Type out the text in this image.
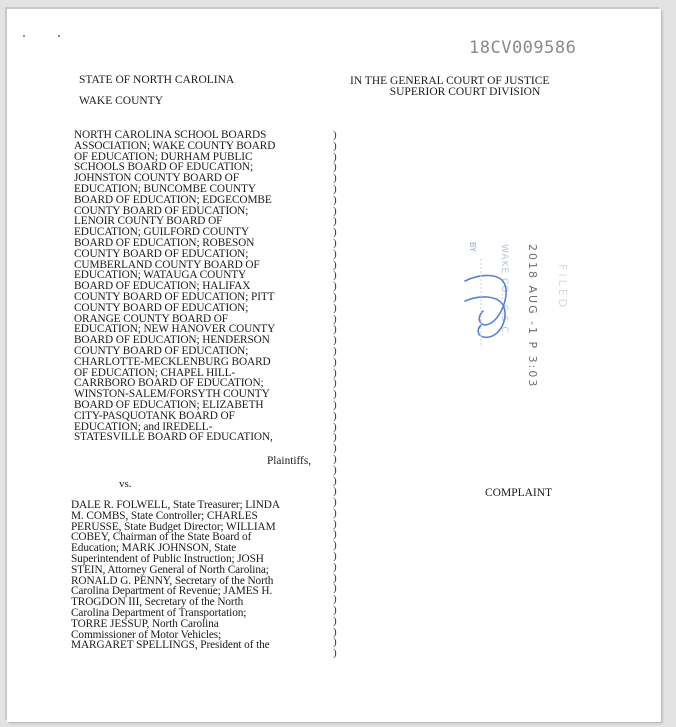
18CV009586
STATE OF NORTH CAROLINA
WAKE COUNTY
IN THE GENERAL COURT OF JUSTICE
SUPERIOR COURT DIVISION
NORTH CAROLINA SCHOOL BOARDS
ASSOCIATION; WAKE COUNTY BOARD
OF EDUCATION; DURHAM PUBLIC
SCHOOLS BOARD OF EDUCATION;
JOHNSTON COUNTY BOARD OF
EDUCATION; BUNCOMBE COUNTY
BOARD OF EDUCATION; EDGECOMBE
COUNTY BOARD OF EDUCATION;
LENOIR COUNTY BOARD OF
EDUCATION; GUILFORD COUNTY
BOARD OF EDUCATION; ROBESON
COUNTY BOARD OF EDUCATION;
CUMBERLAND COUNTY BOARD OF
EDUCATION; WATAUGA COUNTY
BOARD OF EDUCATION; HALIFAX
COUNTY BOARD OF EDUCATION; PITT
COUNTY BOARD OF EDUCATION;
ORANGE COUNTY BOARD OF
EDUCATION; NEW HANOVER COUNTY
BOARD OF EDUCATION; HENDERSON
COUNTY BOARD OF EDUCATION;
CHARLOTTE-MECKLENBURG BOARD
OF EDUCATION; CHAPEL HILL-
CARRBORO BOARD OF EDUCATION;
WINSTON-SALEM/FORSYTH COUNTY
BOARD OF EDUCATION; ELIZABETH
CITY-PASQUOTANK BOARD OF
EDUCATION; and IREDELL-
STATESVILLE BOARD OF EDUCATION,
Plaintiffs,
vs.
DALE R. FOLWELL, State Treasurer; LINDA
M. COMBS, State Controller; CHARLES
PERUSSE, State Budget Director; WILLIAM
COBEY, Chairman of the State Board of
Education; MARK JOHNSON, State
Superintendent of Public Instruction; JOSH
STEIN, Attorney General of North Carolina;
RONALD G. PENNY, Secretary of the North
Carolina Department of Revenue; JAMES H.
TROGDON III, Secretary of the North
Carolina Department of Transportation;
TORRE JESSUP, North Carolina
Commissioner of Motor Vehicles;
MARGARET SPELLINGS, President of the
)
)
)
)
)
)
)
)
)
)
)
)
)
)
)
)
)
)
)
)
)
)
)
)
)
)
)
)
)
)
)
)
)
)
)
)
)
)
)
)
)
)
)
)
)
)
)
)
)
COMPLAINT
BY WAKE CO., C.S.C. 2018 AUG -1 P 3:03 FILED
